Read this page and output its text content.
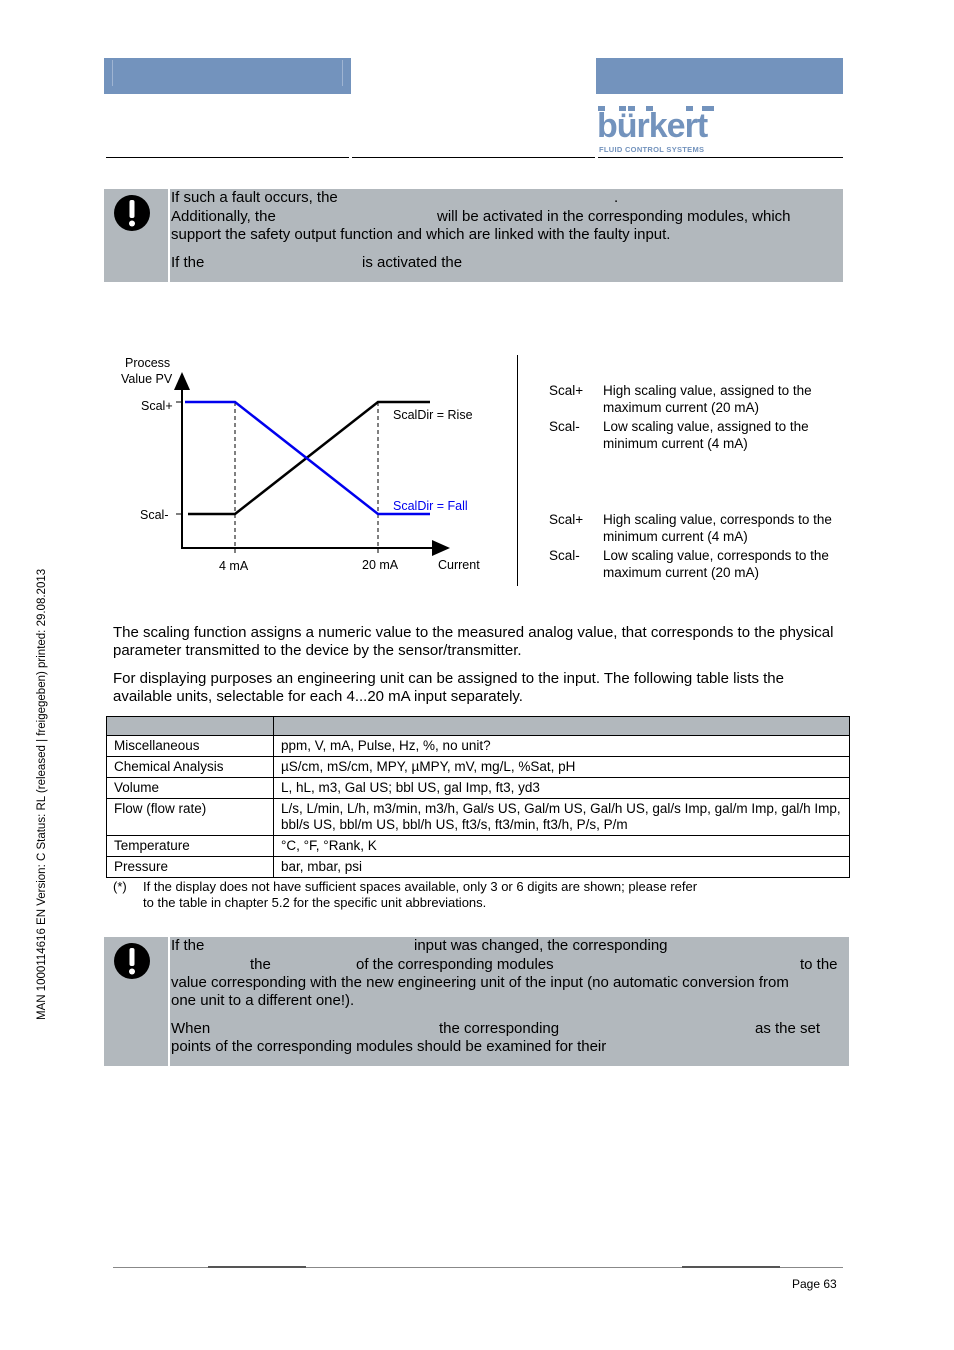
bürkert
FLUID CONTROL SYSTEMS
MAN 1000114616 EN Version: C Status: RL (released | freigegeben) printed: 29.08.2013
If such a fault occurs, the	.
Additionally, the	will be activated in the corresponding modules, which
support the safety output function and which are linked with the faulty input.
If the	is activated the
Process
Value PV
Scal+
Scal-
ScalDir = Rise
ScalDir = Fall
4 mA	20 mA	Current
Scal+ High scaling value, assigned to the maximum current (20 mA)
Scal- Low scaling value, assigned to the minimum current (4 mA)
Scal+ High scaling value, corresponds to the minimum current (4 mA)
Scal- Low scaling value, corresponds to the maximum current (20 mA)
The scaling function assigns a numeric value to the measured analog value, that corresponds to the physical parameter transmitted to the device by the sensor/transmitter.
For displaying purposes an engineering unit can be assigned to the input. The following table lists the available units, selectable for each 4...20 mA input separately.

Miscellaneous	ppm, V, mA, Pulse, Hz, %, no unit?
Chemical Analysis	µS/cm, mS/cm, MPY, µMPY, mV, mg/L, %Sat, pH
Volume	L, hL, m3, Gal US; bbl US, gal Imp, ft3, yd3
Flow (flow rate)	L/s, L/min, L/h, m3/min, m3/h, Gal/s US, Gal/m US, Gal/h US, gal/s Imp, gal/m Imp, gal/h Imp, bbl/s US, bbl/m US, bbl/h US, ft3/s, ft3/min, ft3/h, P/s, P/m
Temperature	°C, °F, °Rank, K
Pressure	bar, mbar, psi
(*) If the display does not have sufficient spaces available, only 3 or 6 digits are shown; please refer
to the table in chapter 5.2 for the specific unit abbreviations.
If the	input was changed, the corresponding
the	of the corresponding modules	to the

value corresponding with the new engineering unit of the input (no automatic conversion from
one unit to a different one!).
When	the corresponding	as the set
points of the corresponding modules should be examined for their
Page 63
